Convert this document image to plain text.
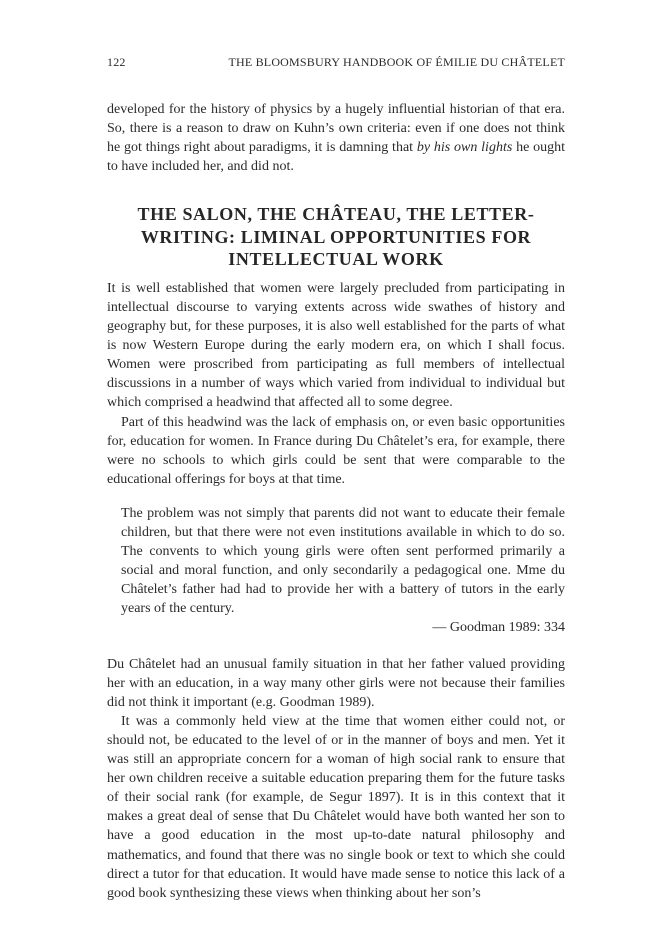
122	THE BLOOMSBURY HANDBOOK OF ÉMILIE DU CHÂTELET

developed for the history of physics by a hugely influential historian of that era. So, there is a reason to draw on Kuhn’s own criteria: even if one does not think he got things right about paradigms, it is damning that by his own lights he ought to have included her, and did not.

THE SALON, THE CHÂTEAU, THE LETTER-WRITING: LIMINAL OPPORTUNITIES FOR INTELLECTUAL WORK

It is well established that women were largely precluded from participating in intellectual discourse to varying extents across wide swathes of history and geography but, for these purposes, it is also well established for the parts of what is now Western Europe during the early modern era, on which I shall focus. Women were proscribed from participating as full members of intellectual discussions in a number of ways which varied from individual to individual but which comprised a headwind that affected all to some degree.

Part of this headwind was the lack of emphasis on, or even basic opportunities for, education for women. In France during Du Châtelet’s era, for example, there were no schools to which girls could be sent that were comparable to the educational offerings for boys at that time.

The problem was not simply that parents did not want to educate their female children, but that there were not even institutions available in which to do so. The convents to which young girls were often sent performed primarily a social and moral function, and only secondarily a pedagogical one. Mme du Châtelet’s father had had to provide her with a battery of tutors in the early years of the century.

— Goodman 1989: 334

Du Châtelet had an unusual family situation in that her father valued providing her with an education, in a way many other girls were not because their families did not think it important (e.g. Goodman 1989).

It was a commonly held view at the time that women either could not, or should not, be educated to the level of or in the manner of boys and men. Yet it was still an appropriate concern for a woman of high social rank to ensure that her own children receive a suitable education preparing them for the future tasks of their social rank (for example, de Segur 1897). It is in this context that it makes a great deal of sense that Du Châtelet would have both wanted her son to have a good education in the most up-to-date natural philosophy and mathematics, and found that there was no single book or text to which she could direct a tutor for that education. It would have made sense to notice this lack of a good book synthesizing these views when thinking about her son’s
